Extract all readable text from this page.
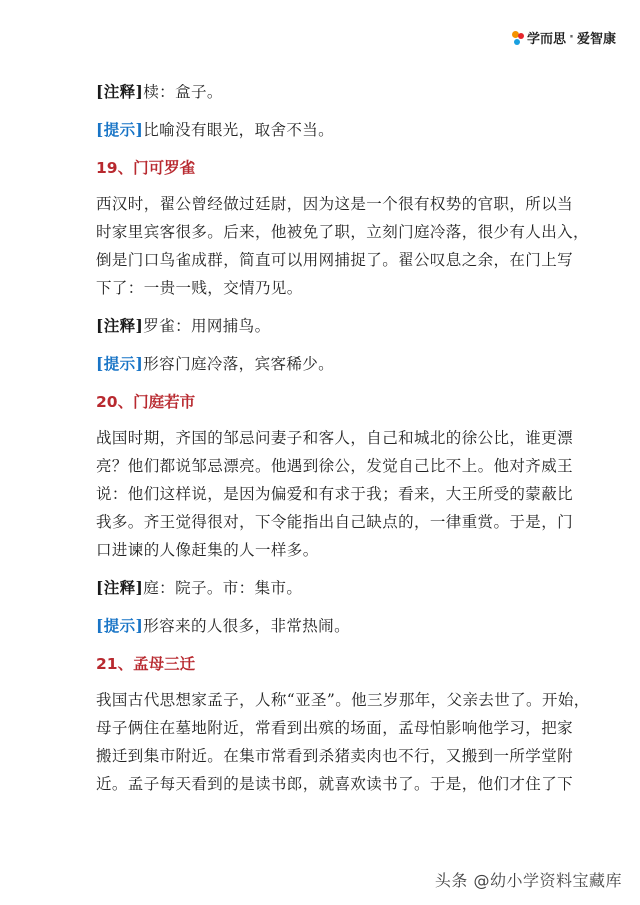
学而思 · 爱智康
[注释]椟：盒子。
[提示]比喻没有眼光，取舍不当。
19、门可罗雀
西汉时，翟公曾经做过廷尉，因为这是一个很有权势的官职，所以当
时家里宾客很多。后来，他被免了职，立刻门庭冷落，很少有人出入，
倒是门口鸟雀成群，简直可以用网捕捉了。翟公叹息之余，在门上写
下了：一贵一贱，交情乃见。
[注释]罗雀：用网捕鸟。
[提示]形容门庭冷落，宾客稀少。
20、门庭若市
战国时期，齐国的邹忌问妻子和客人，自己和城北的徐公比，谁更漂
亮？他们都说邹忌漂亮。他遇到徐公，发觉自己比不上。他对齐威王
说：他们这样说，是因为偏爱和有求于我；看来，大王所受的蒙蔽比
我多。齐王觉得很对，下令能指出自己缺点的，一律重赏。于是，门
口进谏的人像赶集的人一样多。
[注释]庭：院子。市：集市。
[提示]形容来的人很多，非常热闹。
21、孟母三迁
我国古代思想家孟子，人称“亚圣”。他三岁那年，父亲去世了。开始，
母子俩住在墓地附近，常看到出殡的场面，孟母怕影响他学习，把家
搬迁到集市附近。在集市常看到杀猪卖肉也不行，又搬到一所学堂附
近。孟子每天看到的是读书郎，就喜欢读书了。于是，他们才住了下
头条 @幼小学资料宝藏库
